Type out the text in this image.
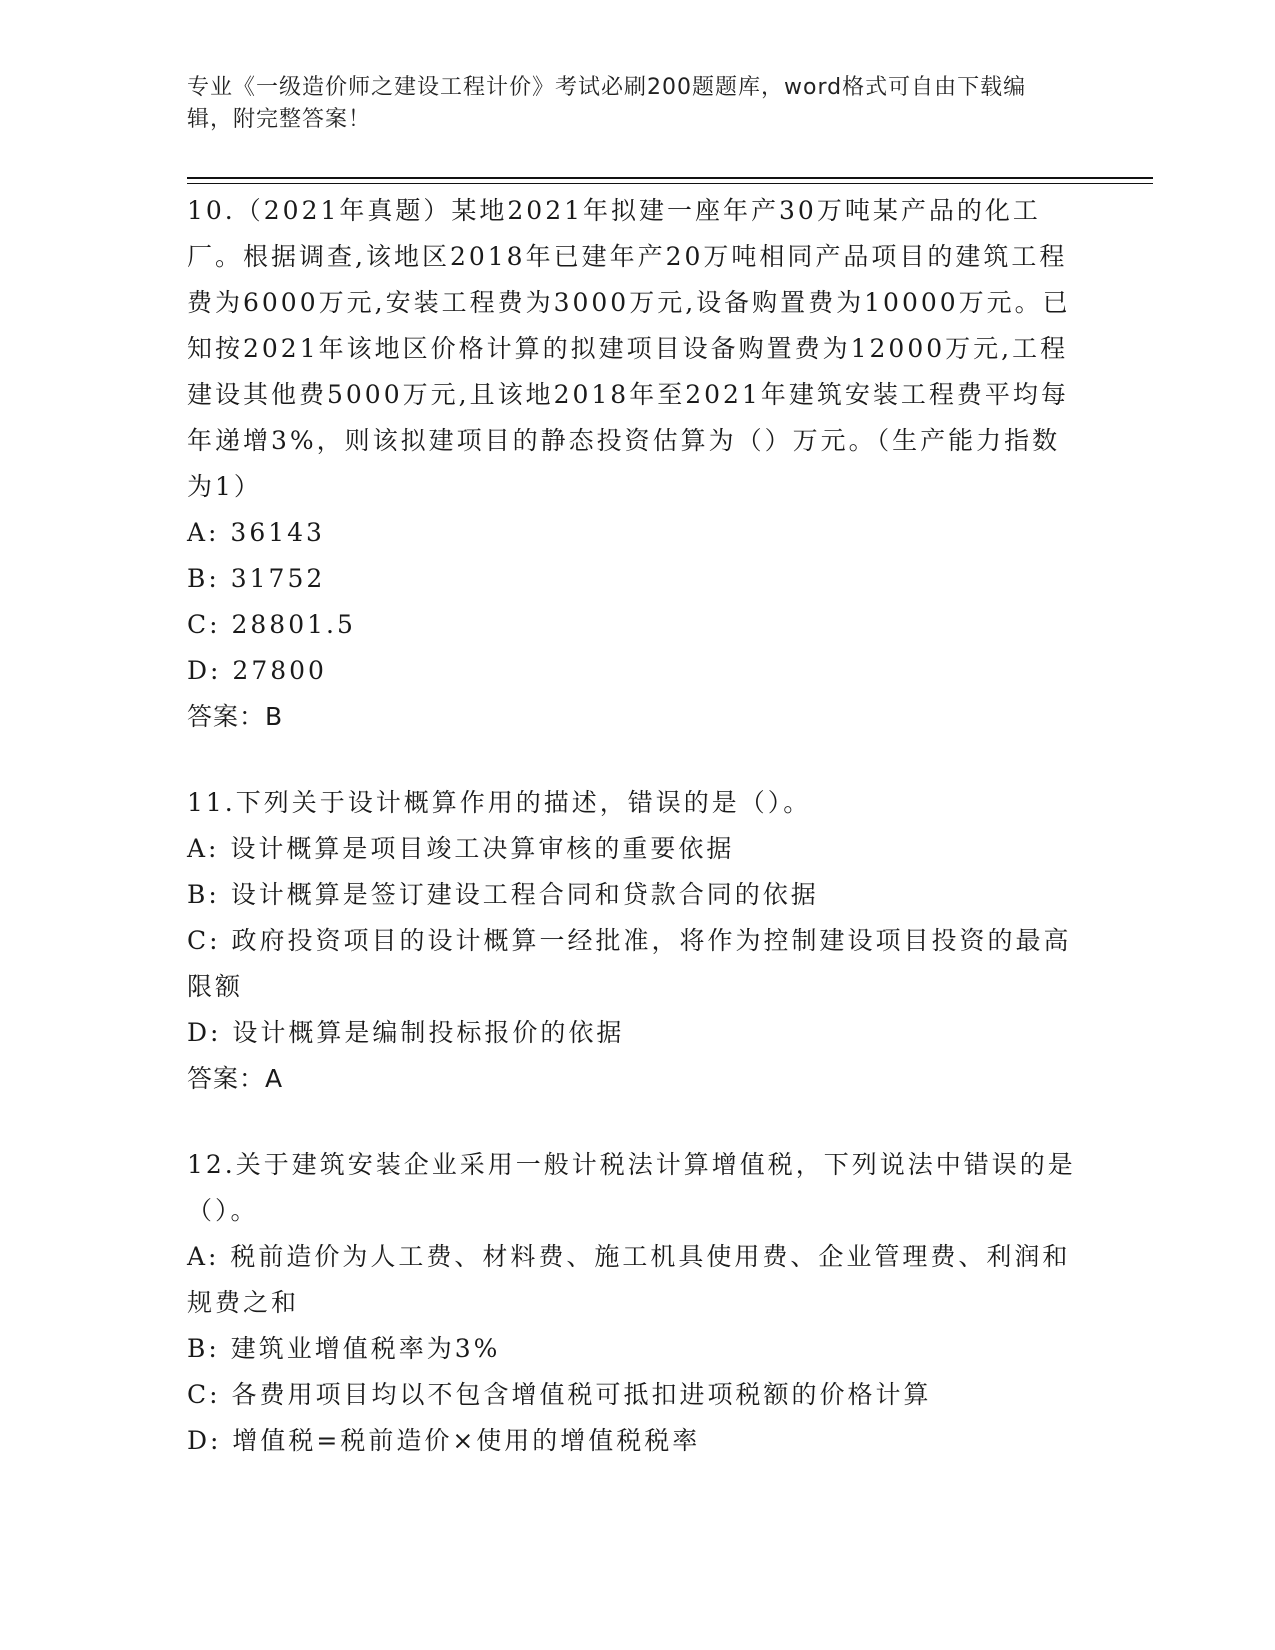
专业《一级造价师之建设工程计价》考试必刷200题题库，word格式可自由下载编辑，附完整答案！

10.（2021年真题）某地2021年拟建一座年产30万吨某产品的化工厂。根据调查,该地区2018年已建年产20万吨相同产品项目的建筑工程费为6000万元,安装工程费为3000万元,设备购置费为10000万元。已知按2021年该地区价格计算的拟建项目设备购置费为12000万元,工程建设其他费5000万元,且该地2018年至2021年建筑安装工程费平均每年递增3%，则该拟建项目的静态投资估算为（）万元。（生产能力指数为1）

A: 36143

B: 31752

C: 28801.5

D: 27800

答案：B

11.下列关于设计概算作用的描述，错误的是（）。

A: 设计概算是项目竣工决算审核的重要依据

B: 设计概算是签订建设工程合同和贷款合同的依据

C: 政府投资项目的设计概算一经批准，将作为控制建设项目投资的最高限额

D: 设计概算是编制投标报价的依据

答案：A

12.关于建筑安装企业采用一般计税法计算增值税，下列说法中错误的是（）。

A: 税前造价为人工费、材料费、施工机具使用费、企业管理费、利润和规费之和

B: 建筑业增值税率为3%

C: 各费用项目均以不包含增值税可抵扣进项税额的价格计算

D: 增值税=税前造价×使用的增值税税率
